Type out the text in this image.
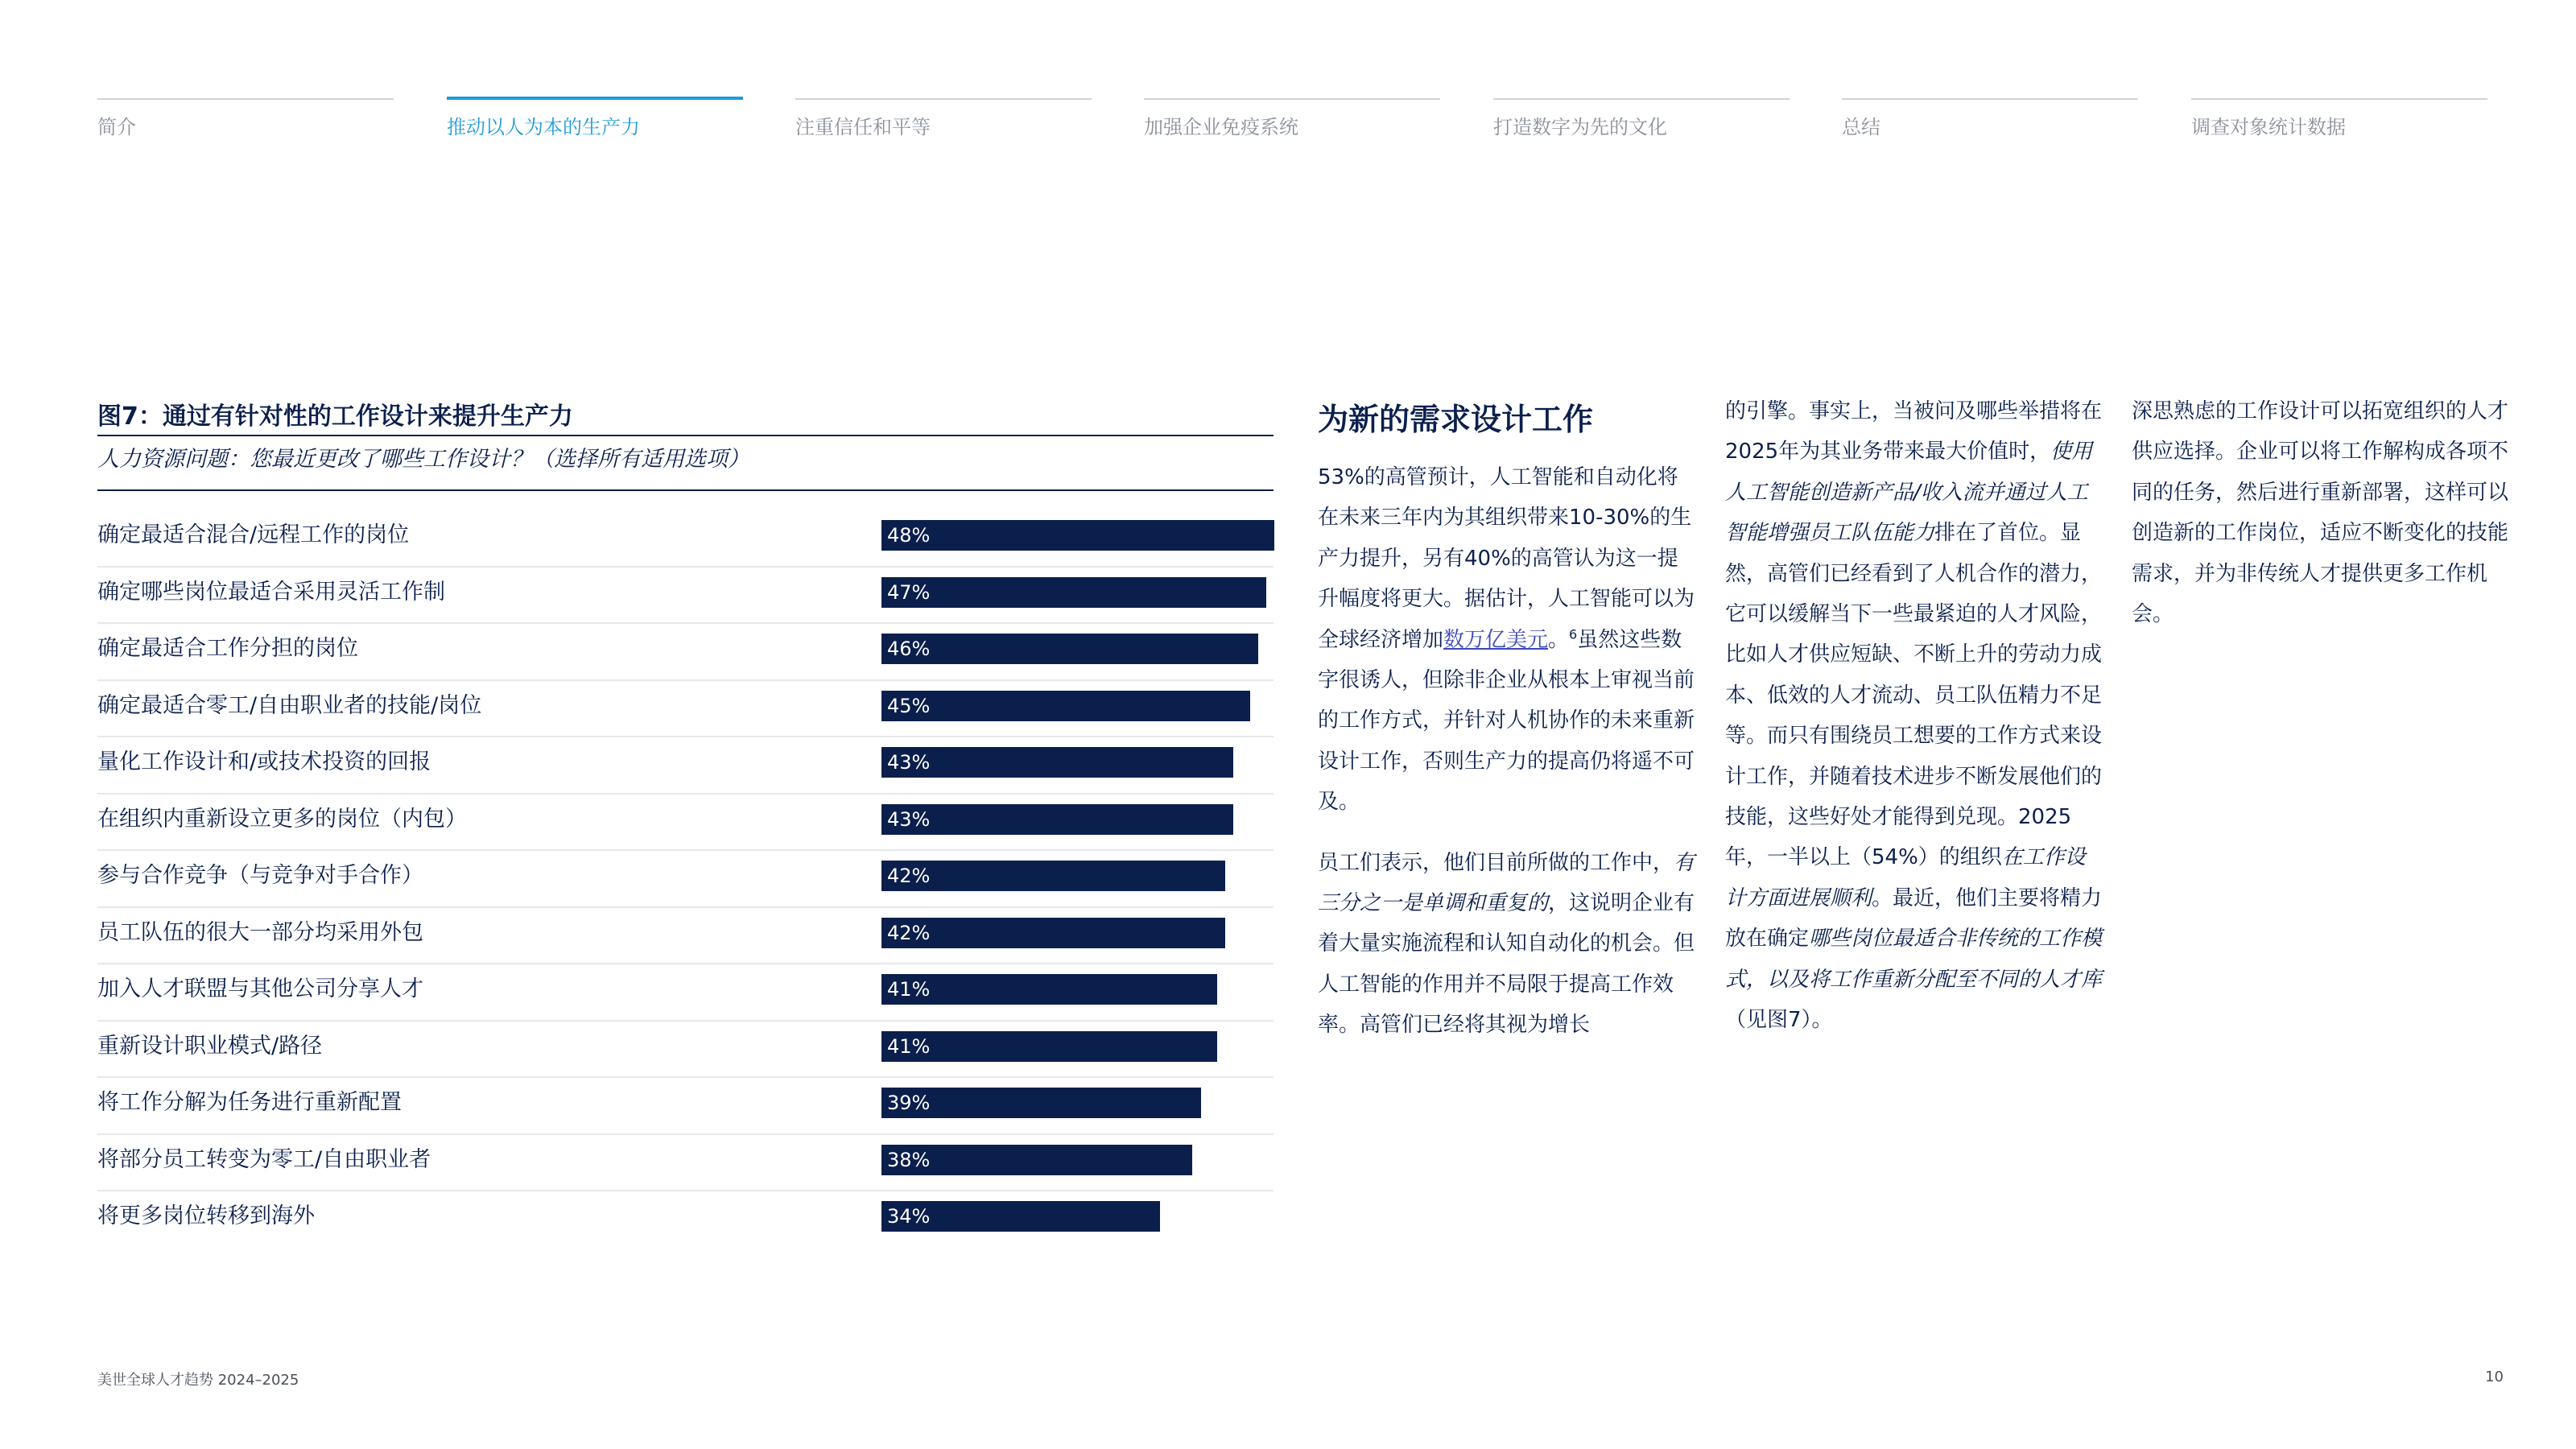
简介	推动以人为本的生产力	注重信任和平等	加强企业免疫系统	打造数字为先的文化	总结	调查对象统计数据
图7：通过有针对性的工作设计来提升生产力
人力资源问题：您最近更改了哪些工作设计？（选择所有适用选项）
确定最适合混合/远程工作的岗位	48%
确定哪些岗位最适合采用灵活工作制	47%
确定最适合工作分担的岗位	46%
确定最适合零工/自由职业者的技能/岗位	45%
量化工作设计和/或技术投资的回报	43%
在组织内重新设立更多的岗位（内包）	43%
参与合作竞争（与竞争对手合作）	42%
员工队伍的很大一部分均采用外包	42%
加入人才联盟与其他公司分享人才	41%
重新设计职业模式/路径	41%
将工作分解为任务进行重新配置	39%
将部分员工转变为零工/自由职业者	38%
将更多岗位转移到海外	34%
为新的需求设计工作

53%的高管预计，人工智能和自动化将在未来三年内为其组织带来10-30%的生产力提升，另有40%的高管认为这一提升幅度将更大。据估计，人工智能可以为全球经济增加数万亿美元。$^6$虽然这些数字很诱人，但除非企业从根本上审视当前的工作方式，并针对人机协作的未来重新设计工作，否则生产力的提高仍将遥不可及。

员工们表示，他们目前所做的工作中，有三分之一是单调和重复的，这说明企业有着大量实施流程和认知自动化的机会。但人工智能的作用并不局限于提高工作效率。高管们已经将其视为增长

的引擎。事实上，当被问及哪些举措将在2025年为其业务带来最大价值时，使用人工智能创造新产品/收入流并通过人工智能增强员工队伍能力排在了首位。显然，高管们已经看到了人机合作的潜力，它可以缓解当下一些最紧迫的人才风险，比如人才供应短缺、不断上升的劳动力成本、低效的人才流动、员工队伍精力不足等。而只有围绕员工想要的工作方式来设计工作，并随着技术进步不断发展他们的技能，这些好处才能得到兑现。2025年，一半以上（54%）的组织在工作设计方面进展顺利。最近，他们主要将精力放在确定哪些岗位最适合非传统的工作模式，以及将工作重新分配至不同的人才库（见图7）。

深思熟虑的工作设计可以拓宽组织的人才供应选择。企业可以将工作解构成各项不同的任务，然后进行重新部署，这样可以创造新的工作岗位，适应不断变化的技能需求，并为非传统人才提供更多工作机会。

美世全球人才趋势 2024–2025	10
